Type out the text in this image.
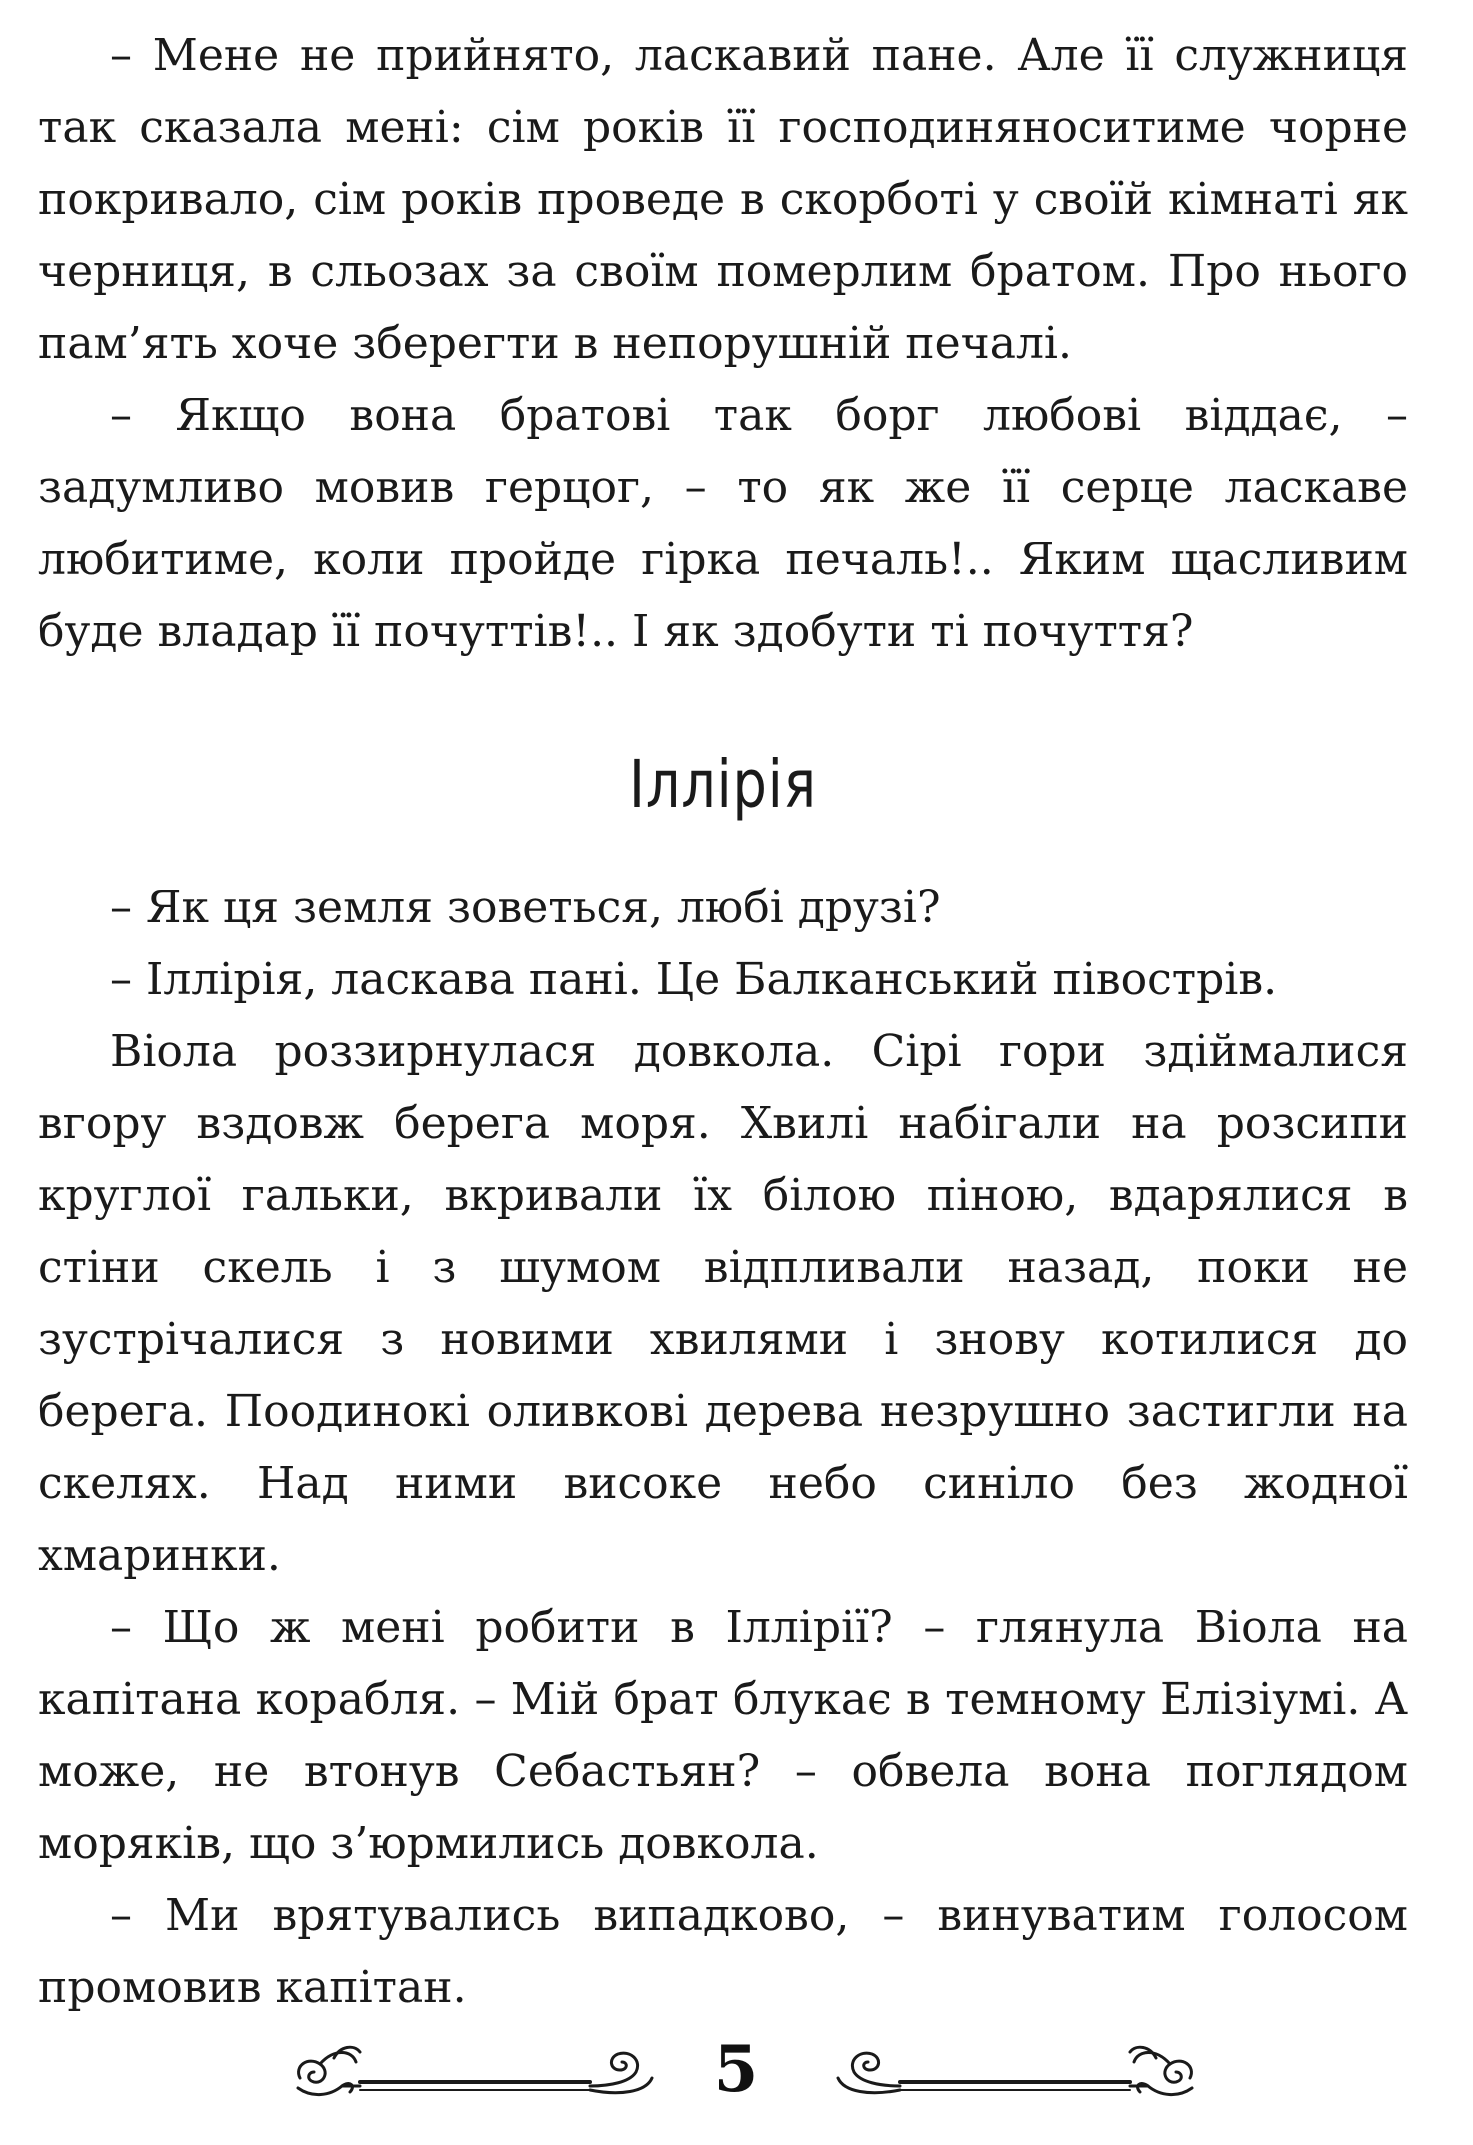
– Мене не прийнято, ласкавий пане. Але її служниця так сказала мені: сім років її господиняноситиме чорне покривало, сім років проведе в скорботі у своїй кімнаті як черниця, в сльозах за своїм померлим братом. Про нього пам’ять хоче зберегти в непорушній печалі.

– Якщо вона братові так борг любові віддає, – задумливо мовив герцог, – то як же її серце ласкаве любитиме, коли пройде гірка печаль!.. Яким щасливим буде владар її почуттів!.. І як здобути ті почуття?

Іллірія

– Як ця земля зоветься, любі друзі?

– Іллірія, ласкава пані. Це Балканський півострів.

Віола роззирнулася довкола. Сірі гори здіймалися вгору вздовж берега моря. Хвилі набігали на розсипи круглої гальки, вкривали їх білою піною, вдарялися в стіни скель і з шумом відпливали назад, поки не зустрічалися з новими хвилями і знову котилися до берега. Поодинокі оливкові дерева незрушно застигли на скелях. Над ними високе небо синіло без жодної хмаринки.

– Що ж мені робити в Іллірії? – глянула Віола на капітана корабля. – Мій брат блукає в темному Елізіумі. А може, не втонув Себастьян? – обвела вона поглядом моряків, що з’юрмились довкола.

– Ми врятувались випадково, – винуватим голосом промовив капітан.

5
